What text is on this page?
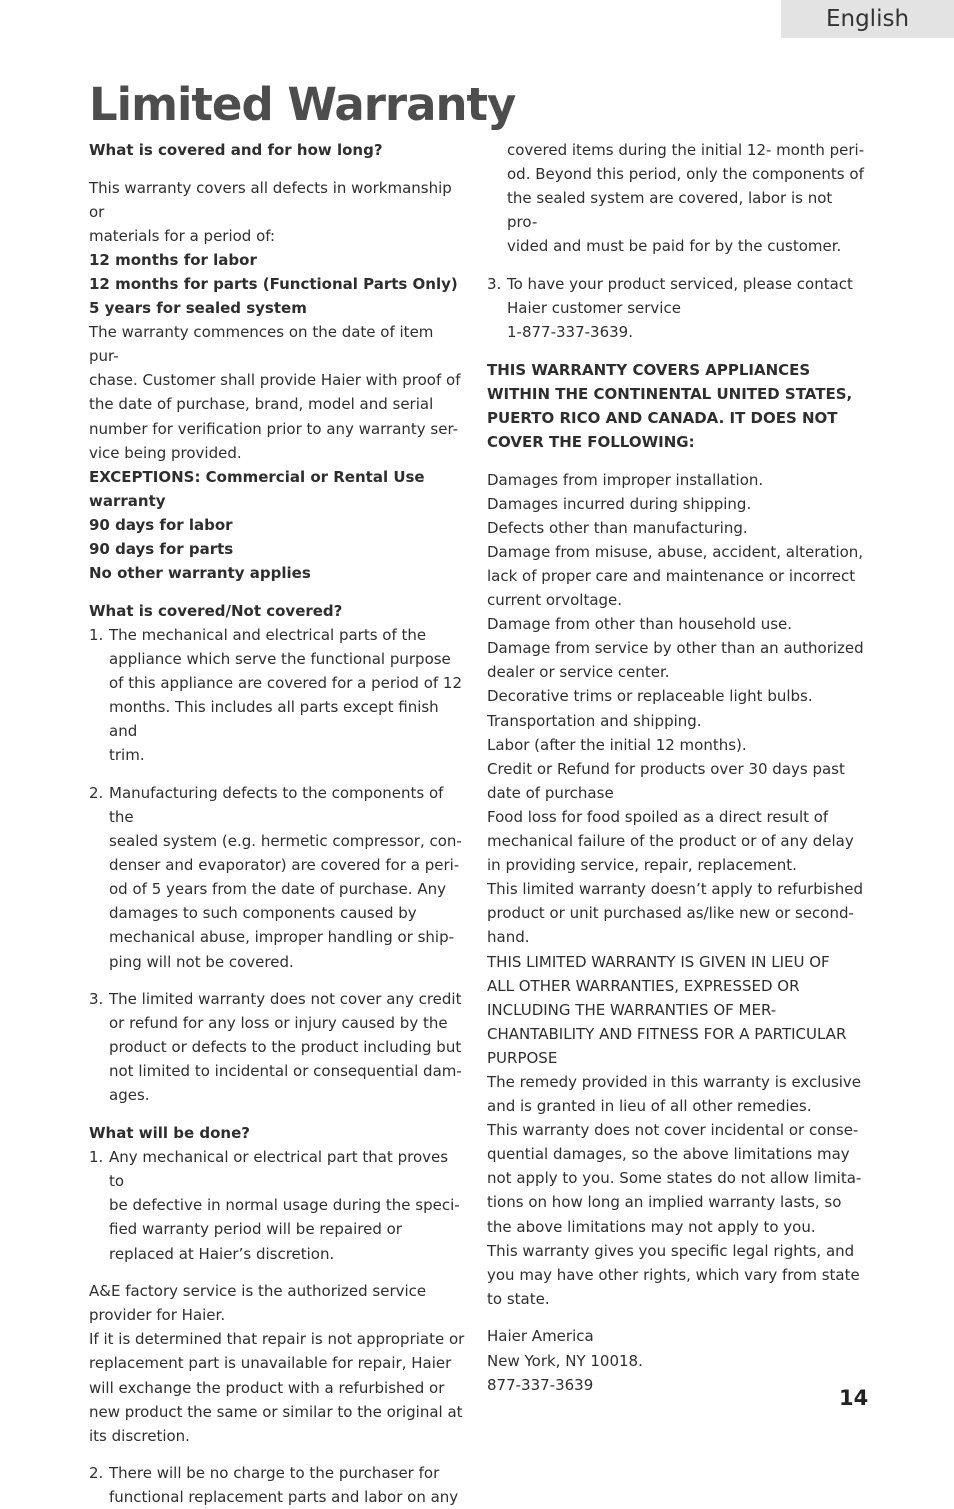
English
Limited Warranty
What is covered and for how long?
This warranty covers all defects in workmanship or
materials for a period of:
12 months for labor
12 months for parts (Functional Parts Only)
5 years for sealed system
The warranty commences on the date of item pur-
chase. Customer shall provide Haier with proof of
the date of purchase, brand, model and serial
number for verification prior to any warranty ser-
vice being provided.
EXCEPTIONS: Commercial or Rental Use
warranty
90 days for labor
90 days for parts
No other warranty applies
What is covered/Not covered?
1. The mechanical and electrical parts of the
appliance which serve the functional purpose
of this appliance are covered for a period of 12
months. This includes all parts except finish and
trim.
2. Manufacturing defects to the components of the
sealed system (e.g. hermetic compressor, con-
denser and evaporator) are covered for a peri-
od of 5 years from the date of purchase. Any
damages to such components caused by
mechanical abuse, improper handling or ship-
ping will not be covered.
3. The limited warranty does not cover any credit
or refund for any loss or injury caused by the
product or defects to the product including but
not limited to incidental or consequential dam-
ages.
What will be done?
1. Any mechanical or electrical part that proves to
be defective in normal usage during the speci-
fied warranty period will be repaired or
replaced at Haier’s discretion.
A&E factory service is the authorized service
provider for Haier.
If it is determined that repair is not appropriate or
replacement part is unavailable for repair, Haier
will exchange the product with a refurbished or
new product the same or similar to the original at
its discretion.
2. There will be no charge to the purchaser for
functional replacement parts and labor on any
covered items during the initial 12- month peri-
od. Beyond this period, only the components of
the sealed system are covered, labor is not pro-
vided and must be paid for by the customer.
3. To have your product serviced, please contact
Haier customer service
1-877-337-3639.
THIS WARRANTY COVERS APPLIANCES
WITHIN THE CONTINENTAL UNITED STATES,
PUERTO RICO AND CANADA. IT DOES NOT
COVER THE FOLLOWING:
Damages from improper installation.
Damages incurred during shipping.
Defects other than manufacturing.
Damage from misuse, abuse, accident, alteration,
lack of proper care and maintenance or incorrect
current orvoltage.
Damage from other than household use.
Damage from service by other than an authorized
dealer or service center.
Decorative trims or replaceable light bulbs.
Transportation and shipping.
Labor (after the initial 12 months).
Credit or Refund for products over 30 days past
date of purchase
Food loss for food spoiled as a direct result of
mechanical failure of the product or of any delay
in providing service, repair, replacement.
This limited warranty doesn’t apply to refurbished
product or unit purchased as/like new or second-
hand.
THIS LIMITED WARRANTY IS GIVEN IN LIEU OF
ALL OTHER WARRANTIES, EXPRESSED OR
INCLUDING THE WARRANTIES OF MER-
CHANTABILITY AND FITNESS FOR A PARTICULAR
PURPOSE
The remedy provided in this warranty is exclusive
and is granted in lieu of all other remedies.
This warranty does not cover incidental or conse-
quential damages, so the above limitations may
not apply to you. Some states do not allow limita-
tions on how long an implied warranty lasts, so
the above limitations may not apply to you.
This warranty gives you specific legal rights, and
you may have other rights, which vary from state
to state.
Haier America
New York, NY 10018.
877-337-3639
14
